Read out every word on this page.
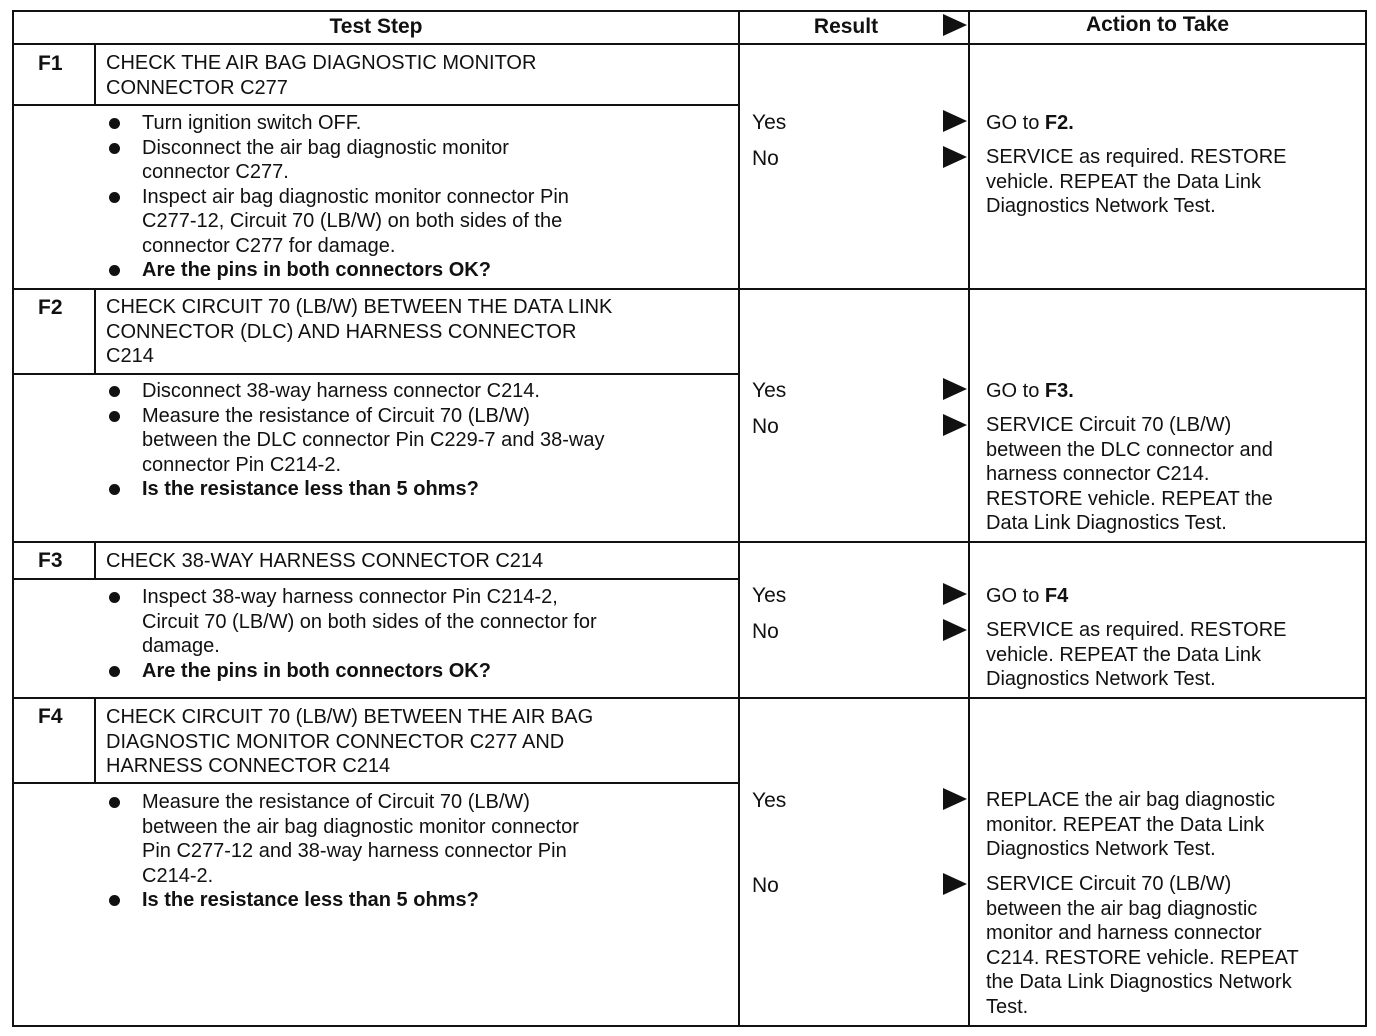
Test Step	Result	Action to Take
F1 CHECK THE AIR BAG DIAGNOSTIC MONITOR
CONNECTOR C277
Turn ignition switch OFF.
Disconnect the air bag diagnostic monitor
connector C277.
Inspect air bag diagnostic monitor connector Pin
C277-12, Circuit 70 (LB/W) on both sides of the
connector C277 for damage.
Are the pins in both connectors OK?
Yes
No
GO to F2.
SERVICE as required. RESTORE
vehicle. REPEAT the Data Link
Diagnostics Network Test.
F2 CHECK CIRCUIT 70 (LB/W) BETWEEN THE DATA LINK
CONNECTOR (DLC) AND HARNESS CONNECTOR
C214
Disconnect 38-way harness connector C214.
Measure the resistance of Circuit 70 (LB/W)
between the DLC connector Pin C229-7 and 38-way
connector Pin C214-2.
Is the resistance less than 5 ohms?
Yes
No
GO to F3.
SERVICE Circuit 70 (LB/W)
between the DLC connector and
harness connector C214.
RESTORE vehicle. REPEAT the
Data Link Diagnostics Test.
F3 CHECK 38-WAY HARNESS CONNECTOR C214
Inspect 38-way harness connector Pin C214-2,
Circuit 70 (LB/W) on both sides of the connector for
damage.
Are the pins in both connectors OK?
Yes
No
GO to F4
SERVICE as required. RESTORE
vehicle. REPEAT the Data Link
Diagnostics Network Test.
F4 CHECK CIRCUIT 70 (LB/W) BETWEEN THE AIR BAG
DIAGNOSTIC MONITOR CONNECTOR C277 AND
HARNESS CONNECTOR C214
Measure the resistance of Circuit 70 (LB/W)
between the air bag diagnostic monitor connector
Pin C277-12 and 38-way harness connector Pin
C214-2.
Is the resistance less than 5 ohms?
Yes
No
REPLACE the air bag diagnostic
monitor. REPEAT the Data Link
Diagnostics Network Test.
SERVICE Circuit 70 (LB/W)
between the air bag diagnostic
monitor and harness connector
C214. RESTORE vehicle. REPEAT
the Data Link Diagnostics Network
Test.
